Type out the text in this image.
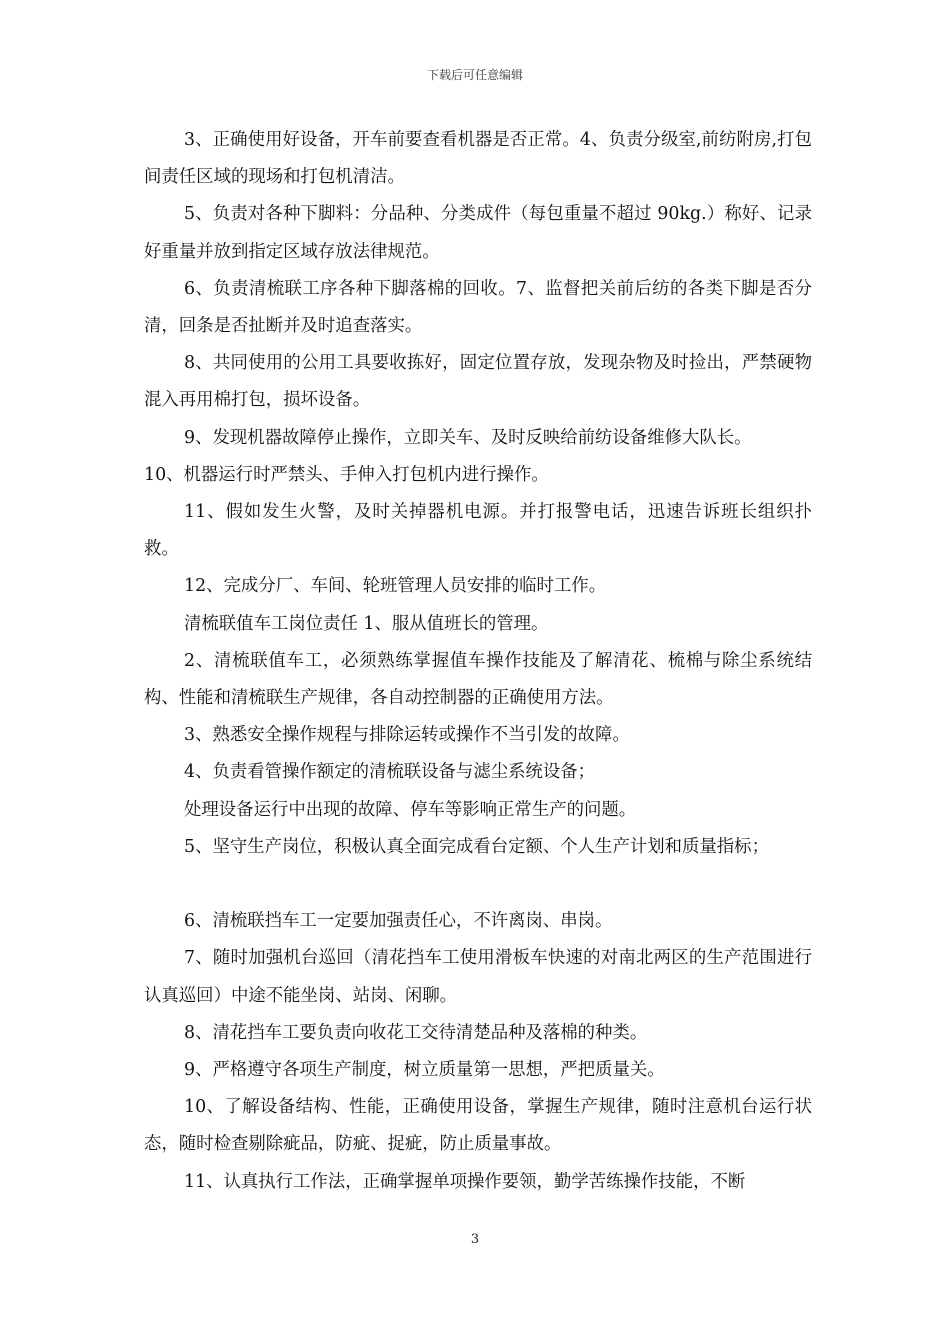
下载后可任意编辑

3、正确使用好设备，开车前要查看机器是否正常。4、负责分级室,前纺附房,打包间责任区域的现场和打包机清洁。

5、负责对各种下脚料：分品种、分类成件（每包重量不超过 90kg.）称好、记录好重量并放到指定区域存放法律规范。

6、负责清梳联工序各种下脚落棉的回收。7、监督把关前后纺的各类下脚是否分清，回条是否扯断并及时追查落实。

8、共同使用的公用工具要收拣好，固定位置存放，发现杂物及时捡出，严禁硬物混入再用棉打包，损坏设备。

9、发现机器故障停止操作，立即关车、及时反映给前纺设备维修大队长。

10、机器运行时严禁头、手伸入打包机内进行操作。

11、假如发生火警，及时关掉器机电源。并打报警电话，迅速告诉班长组织扑救。

12、完成分厂、车间、轮班管理人员安排的临时工作。

清梳联值车工岗位责任 1、服从值班长的管理。

2、清梳联值车工，必须熟练掌握值车操作技能及了解清花、梳棉与除尘系统结构、性能和清梳联生产规律，各自动控制器的正确使用方法。

3、熟悉安全操作规程与排除运转或操作不当引发的故障。

4、负责看管操作额定的清梳联设备与滤尘系统设备；

处理设备运行中出现的故障、停车等影响正常生产的问题。

5、坚守生产岗位，积极认真全面完成看台定额、个人生产计划和质量指标；

6、清梳联挡车工一定要加强责任心，不许离岗、串岗。

7、随时加强机台巡回（清花挡车工使用滑板车快速的对南北两区的生产范围进行认真巡回）中途不能坐岗、站岗、闲聊。

8、清花挡车工要负责向收花工交待清楚品种及落棉的种类。

9、严格遵守各项生产制度，树立质量第一思想，严把质量关。

10、了解设备结构、性能，正确使用设备，掌握生产规律，随时注意机台运行状态，随时检查剔除疵品，防疵、捉疵，防止质量事故。

11、认真执行工作法，正确掌握单项操作要领，勤学苦练操作技能，不断

3
